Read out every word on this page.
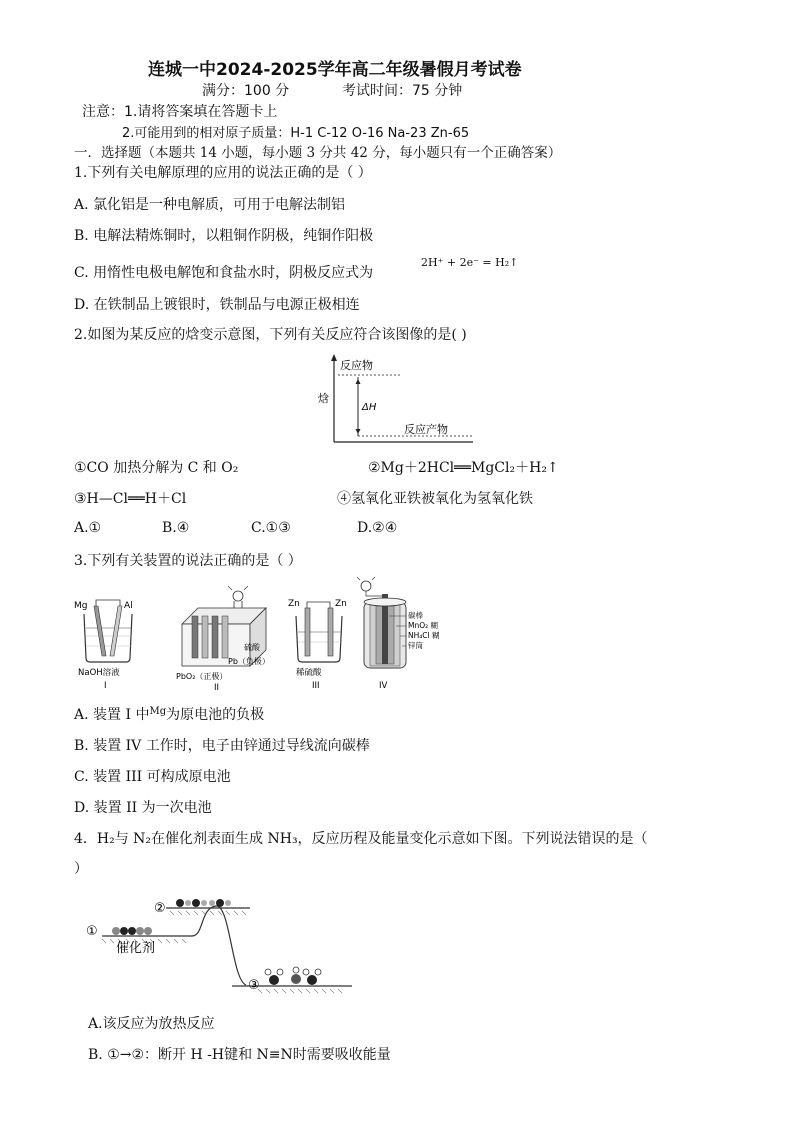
连城一中2024-2025学年高二年级暑假月考试卷
满分：100 分	考试时间：75 分钟
注意：1.请将答案填在答题卡上
2.可能用到的相对原子质量：H-1 C-12 O-16 Na-23 Zn-65
一．选择题（本题共 14 小题，每小题 3 分共 42 分，每小题只有一个正确答案）
1.下列有关电解原理的应用的说法正确的是（ ）
A. 氯化铝是一种电解质，可用于电解法制铝
B. 电解法精炼铜时，以粗铜作阴极，纯铜作阳极
C. 用惰性电极电解饱和食盐水时，阴极反应式为
2H⁺ + 2e⁻ = H₂↑
D. 在铁制品上镀银时，铁制品与电源正极相连
2.如图为某反应的焓变示意图，下列有关反应符合该图像的是( )
焓
反应物
ΔH
反应产物
①CO 加热分解为 C 和 O₂	②Mg＋2HCl══MgCl₂＋H₂↑
③H—Cl══H＋Cl	④氢氧化亚铁被氧化为氢氧化铁
A.①	B.④	C.①③	D.②④
3.下列有关装置的说法正确的是（ ）
Mg	Al
NaOH溶液
I
硫酸
PbO₂（正极）
Pb（负极）
II
Zn	Zn
稀硫酸
III
碳棒
MnO₂ 糊
NH₄Cl 糊
锌筒
IV
A. 装置 I 中$^{Mg}$为原电池的负极
B. 装置 IV 工作时，电子由锌通过导线流向碳棒
C. 装置 III 可构成原电池
D. 装置 II 为一次电池
4．H₂与 N₂在催化剂表面生成 NH₃，反应历程及能量变化示意如下图。下列说法错误的是（
）
①
②
③
催化剂
A.该反应为放热反应
B. ①→②：断开 H -H键和 N≡N时需要吸收能量
